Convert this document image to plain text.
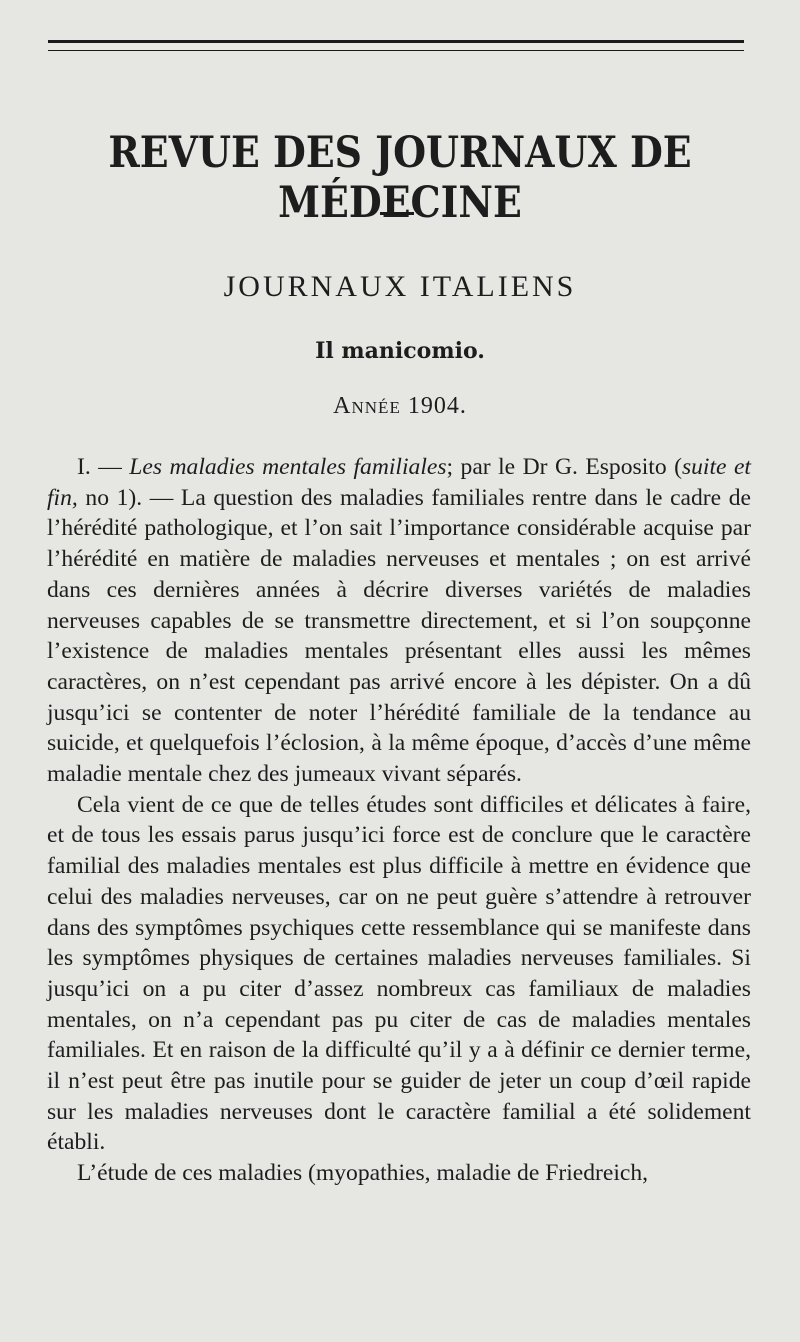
REVUE DES JOURNAUX DE MÉDECINE
JOURNAUX ITALIENS
Il manicomio.
Année 1904.

I. — Les maladies mentales familiales; par le Dr G. Esposito (suite et fin, no 1). — La question des maladies familiales rentre dans le cadre de l’hérédité pathologique, et l’on sait l’importance considérable acquise par l’hérédité en matière de maladies nerveuses et mentales ; on est arrivé dans ces dernières années à décrire diverses variétés de maladies nerveuses capables de se transmettre directement, et si l’on soupçonne l’existence de maladies mentales présentant elles aussi les mêmes caractères, on n’est cependant pas arrivé encore à les dépister. On a dû jusqu’ici se contenter de noter l’hérédité familiale de la tendance au suicide, et quelquefois l’éclosion, à la même époque, d’accès d’une même maladie mentale chez des jumeaux vivant séparés.

Cela vient de ce que de telles études sont difficiles et délicates à faire, et de tous les essais parus jusqu’ici force est de conclure que le caractère familial des maladies mentales est plus difficile à mettre en évidence que celui des maladies nerveuses, car on ne peut guère s’attendre à retrouver dans des symptômes psychiques cette ressemblance qui se manifeste dans les symptômes physiques de certaines maladies nerveuses familiales. Si jusqu’ici on a pu citer d’assez nombreux cas familiaux de maladies mentales, on n’a cependant pas pu citer de cas de maladies mentales familiales. Et en raison de la difficulté qu’il y a à définir ce dernier terme, il n’est peut être pas inutile pour se guider de jeter un coup d’œil rapide sur les maladies nerveuses dont le caractère familial a été solidement établi.

L’étude de ces maladies (myopathies, maladie de Friedreich,
